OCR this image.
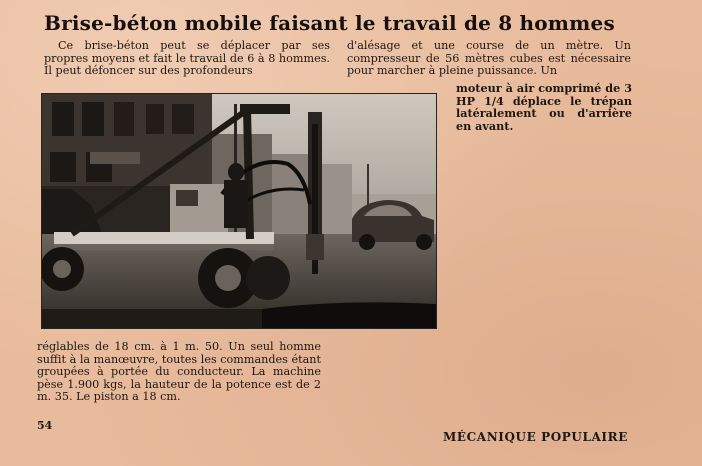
Brise-béton mobile faisant le travail de 8 hommes

Ce brise-béton peut se déplacer par ses propres moyens et fait le travail de 6 à 8 hommes. Il peut défoncer sur des profondeurs

d'alésage et une course de un mètre. Un compresseur de 56 mètres cubes est nécessaire pour marcher à pleine puissance. Un

moteur à air comprimé de 3 HP 1/4 déplace le trépan latéralement ou d'arrière en avant.

réglables de 18 cm. à 1 m. 50. Un seul homme suffit à la manœuvre, toutes les commandes étant groupées à portée du conducteur. La machine pèse 1.900 kgs, la hauteur de la potence est de 2 m. 35. Le piston a 18 cm.

54
MÉCANIQUE POPULAIRE
